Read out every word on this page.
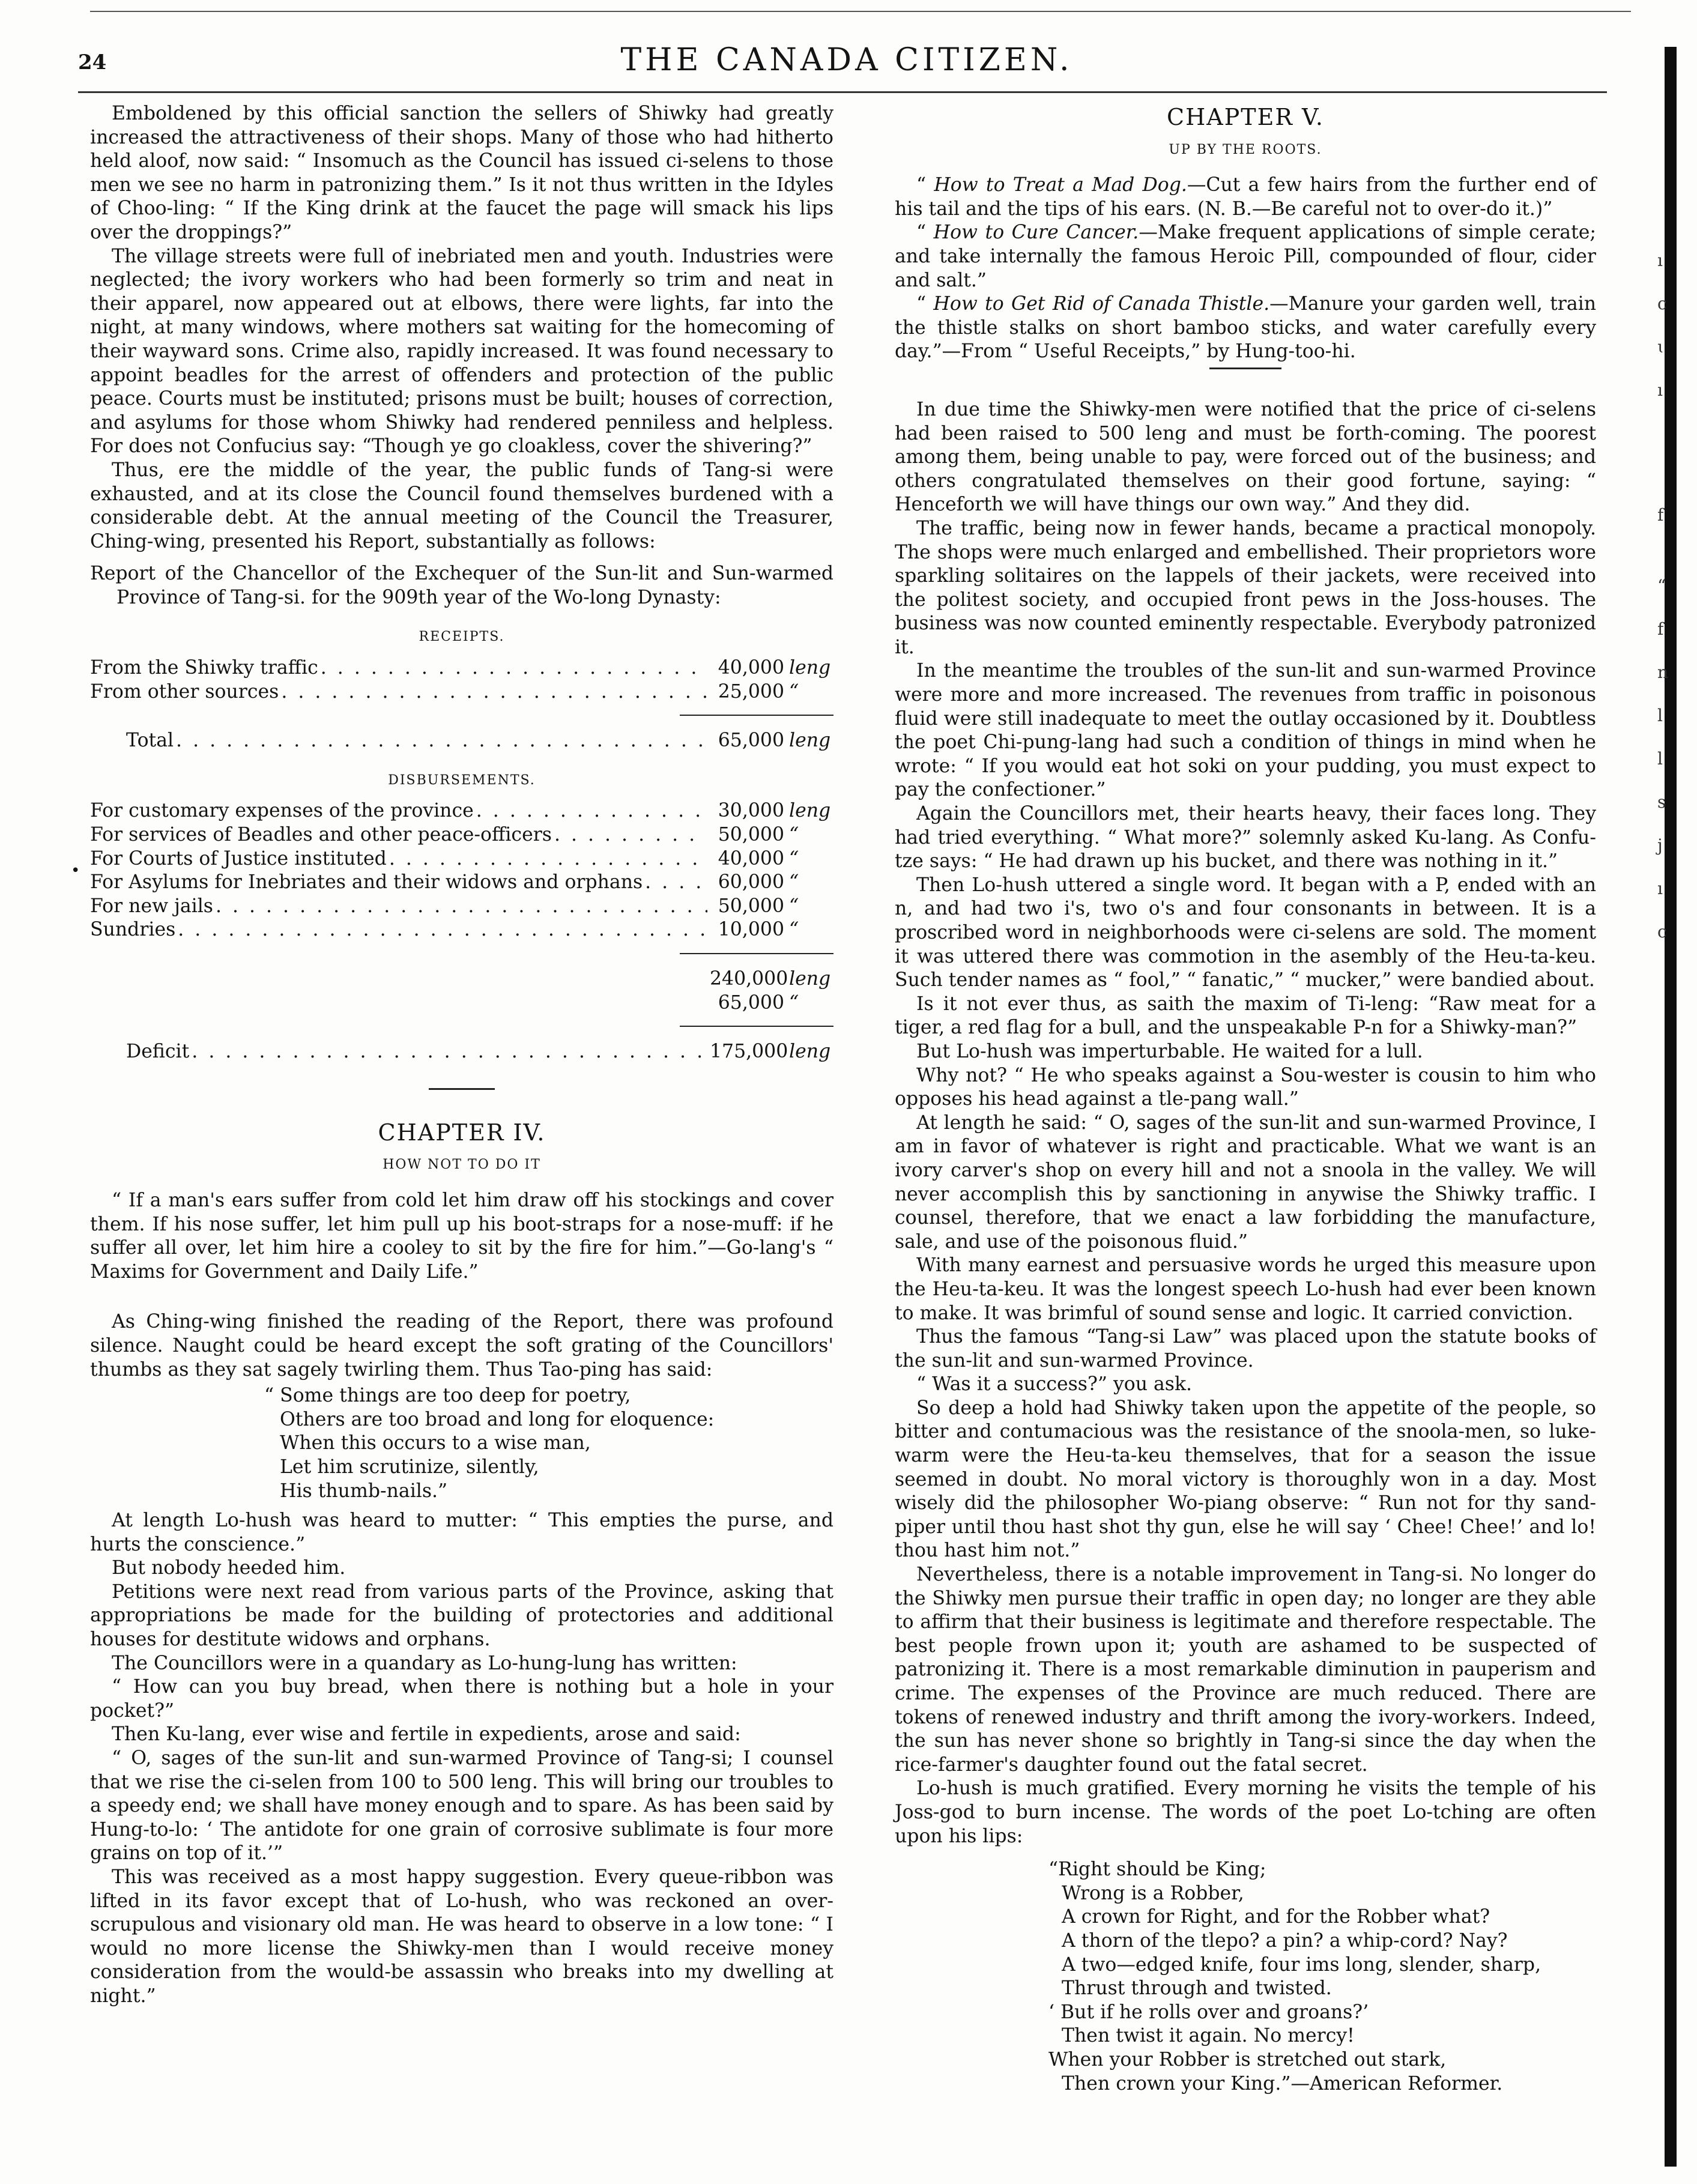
24	THE CANADA CITIZEN.
ı
c
ɩ
ı
f
“
f
n
l
l
s
j
ı
c

Emboldened by this official sanction the sellers of Shiwky had greatly increased the attractiveness of their shops. Many of those who had hitherto held aloof, now said: “ Insomuch as the Council has issued ci-selens to those men we see no harm in patronizing them.” Is it not thus written in the Idyles of Choo-ling: “ If the King drink at the faucet the page will smack his lips over the droppings?”

The village streets were full of inebriated men and youth. Industries were neglected; the ivory workers who had been formerly so trim and neat in their apparel, now appeared out at elbows, there were lights, far into the night, at many windows, where mothers sat waiting for the homecoming of their wayward sons. Crime also, rapidly increased. It was found necessary to appoint beadles for the arrest of offenders and protection of the public peace. Courts must be instituted; prisons must be built; houses of correction, and asylums for those whom Shiwky had rendered penniless and helpless. For does not Confucius say: “Though ye go cloakless, cover the shivering?”

Thus, ere the middle of the year, the public funds of Tang-si were exhausted, and at its close the Council found themselves burdened with a considerable debt. At the annual meeting of the Council the Treasurer, Ching-wing, presented his Report, substantially as follows:

Report of the Chancellor of the Exchequer of the Sun-lit and Sun-warmed Province of Tang-si. for the 909th year of the Wo-long Dynasty:

RECEIPTS.
From the Shiwky traffic . . .	40,000 leng
From other sources . . .	25,000 “
Total . . .	65,000 leng
DISBURSEMENTS.
For customary expenses of the province . . .	30,000 leng
For services of Beadles and other peace-officers . . .	50,000 “
For Courts of Justice instituted . . .	40,000 “
For Asylums for Inebriates and their widows and orphans . . .	60,000 “
For new jails . . .	50,000 “
Sundries . . .	10,000 “
240,000 leng
65,000 “
Deficit . . .	175,000 leng
CHAPTER IV.
HOW NOT TO DO IT

“ If a man's ears suffer from cold let him draw off his stockings and cover them. If his nose suffer, let him pull up his boot-straps for a nose-muff: if he suffer all over, let him hire a cooley to sit by the fire for him.”—Go-lang's “ Maxims for Government and Daily Life.”

As Ching-wing finished the reading of the Report, there was profound silence. Naught could be heard except the soft grating of the Councillors' thumbs as they sat sagely twirling them. Thus Tao-ping has said:

“ Some things are too deep for poetry,
Others are too broad and long for eloquence:
When this occurs to a wise man,
Let him scrutinize, silently,
His thumb-nails.”

At length Lo-hush was heard to mutter: “ This empties the purse, and hurts the conscience.”

But nobody heeded him.

Petitions were next read from various parts of the Province, asking that appropriations be made for the building of protectories and additional houses for destitute widows and orphans.

The Councillors were in a quandary as Lo-hung-lung has written:

“ How can you buy bread, when there is nothing but a hole in your pocket?”

Then Ku-lang, ever wise and fertile in expedients, arose and said:

“ O, sages of the sun-lit and sun-warmed Province of Tang-si; I counsel that we rise the ci-selen from 100 to 500 leng. This will bring our troubles to a speedy end; we shall have money enough and to spare. As has been said by Hung-to-lo: ‘ The antidote for one grain of corrosive sublimate is four more grains on top of it.’”

This was received as a most happy suggestion. Every queue-ribbon was lifted in its favor except that of Lo-hush, who was reckoned an over-scrupulous and visionary old man. He was heard to observe in a low tone: “ I would no more license the Shiwky-men than I would receive money consideration from the would-be assassin who breaks into my dwelling at night.”

CHAPTER V.
UP BY THE ROOTS.

“ How to Treat a Mad Dog.—Cut a few hairs from the further end of his tail and the tips of his ears. (N. B.—Be careful not to over-do it.)”

“ How to Cure Cancer.—Make frequent applications of simple cerate; and take internally the famous Heroic Pill, compounded of flour, cider and salt.”

“ How to Get Rid of Canada Thistle.—Manure your garden well, train the thistle stalks on short bamboo sticks, and water carefully every day.”—From “ Useful Receipts,” by Hung-too-hi.

In due time the Shiwky-men were notified that the price of ci-selens had been raised to 500 leng and must be forth-coming. The poorest among them, being unable to pay, were forced out of the business; and others congratulated themselves on their good fortune, saying: “ Henceforth we will have things our own way.” And they did.

The traffic, being now in fewer hands, became a practical monopoly. The shops were much enlarged and embellished. Their proprietors wore sparkling solitaires on the lappels of their jackets, were received into the politest society, and occupied front pews in the Joss-houses. The business was now counted eminently respectable. Everybody patronized it.

In the meantime the troubles of the sun-lit and sun-warmed Province were more and more increased. The revenues from traffic in poisonous fluid were still inadequate to meet the outlay occasioned by it. Doubtless the poet Chi-pung-lang had such a condition of things in mind when he wrote: “ If you would eat hot soki on your pudding, you must expect to pay the confectioner.”

Again the Councillors met, their hearts heavy, their faces long. They had tried everything. “ What more?” solemnly asked Ku-lang. As Confu-tze says: “ He had drawn up his bucket, and there was nothing in it.”

Then Lo-hush uttered a single word. It began with a P, ended with an n, and had two i's, two o's and four consonants in between. It is a proscribed word in neighborhoods were ci-selens are sold. The moment it was uttered there was commotion in the asembly of the Heu-ta-keu. Such tender names as “ fool,” “ fanatic,” “ mucker,” were bandied about.

Is it not ever thus, as saith the maxim of Ti-leng: “Raw meat for a tiger, a red flag for a bull, and the unspeakable P-n for a Shiwky-man?”

But Lo-hush was imperturbable. He waited for a lull.

Why not? “ He who speaks against a Sou-wester is cousin to him who opposes his head against a tle-pang wall.”

At length he said: “ O, sages of the sun-lit and sun-warmed Province, I am in favor of whatever is right and practicable. What we want is an ivory carver's shop on every hill and not a snoola in the valley. We will never accomplish this by sanctioning in anywise the Shiwky traffic. I counsel, therefore, that we enact a law forbidding the manufacture, sale, and use of the poisonous fluid.”

With many earnest and persuasive words he urged this measure upon the Heu-ta-keu. It was the longest speech Lo-hush had ever been known to make. It was brimful of sound sense and logic. It carried conviction.

Thus the famous “Tang-si Law” was placed upon the statute books of the sun-lit and sun-warmed Province.

“ Was it a success?” you ask.

So deep a hold had Shiwky taken upon the appetite of the people, so bitter and contumacious was the resistance of the snoola-men, so luke-warm were the Heu-ta-keu themselves, that for a season the issue seemed in doubt. No moral victory is thoroughly won in a day. Most wisely did the philosopher Wo-piang observe: “ Run not for thy sand-piper until thou hast shot thy gun, else he will say ‘ Chee! Chee!’ and lo! thou hast him not.”

Nevertheless, there is a notable improvement in Tang-si. No longer do the Shiwky men pursue their traffic in open day; no longer are they able to affirm that their business is legitimate and therefore respectable. The best people frown upon it; youth are ashamed to be suspected of patronizing it. There is a most remarkable diminution in pauperism and crime. The expenses of the Province are much reduced. There are tokens of renewed industry and thrift among the ivory-workers. Indeed, the sun has never shone so brightly in Tang-si since the day when the rice-farmer's daughter found out the fatal secret.

Lo-hush is much gratified. Every morning he visits the temple of his Joss-god to burn incense. The words of the poet Lo-tching are often upon his lips:

“Right should be King;
Wrong is a Robber,
A crown for Right, and for the Robber what?
A thorn of the tlepo? a pin? a whip-cord? Nay?
A two—edged knife, four ims long, slender, sharp,
Thrust through and twisted.
‘ But if he rolls over and groans?’
Then twist it again. No mercy!
When your Robber is stretched out stark,
Then crown your King.”—American Reformer.
•
